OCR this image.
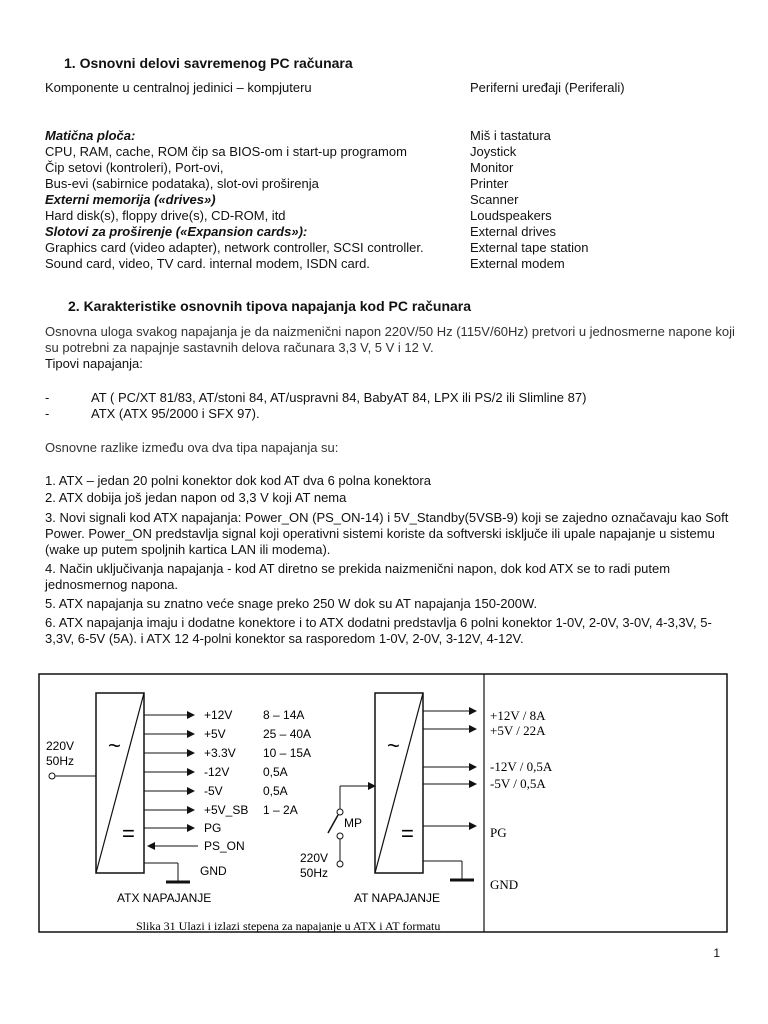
1. Osnovni delovi savremenog PC računara
Komponente u centralnoj jedinici – kompjuteru
Matična ploča:
CPU, RAM, cache, ROM čip sa BIOS-om i start-up programom
Čip setovi (kontroleri), Port-ovi,
Bus-evi (sabirnice podataka), slot-ovi proširenja
Externi memorija («drives»)
Hard disk(s), floppy drive(s), CD-ROM, itd
Slotovi za proširenje («Expansion cards»):
Graphics card (video adapter), network controller, SCSI controller.
Sound card, video, TV card. internal modem, ISDN card.
Periferni uređaji (Periferali)
Miš i tastatura
Joystick
Monitor
Printer
Scanner
Loudspeakers
External drives
External tape station
External modem
2. Karakteristike osnovnih tipova napajanja kod PC računara
Osnovna uloga svakog napajanja je da naizmenični napon 220V/50 Hz (115V/60Hz) pretvori u jednosmerne napone koji su potrebni za napajnje sastavnih delova računara 3,3 V, 5 V i 12 V.
Tipovi napajanja:
-	AT ( PC/XT 81/83, AT/stoni 84, AT/uspravni 84, BabyAT 84, LPX ili PS/2 ili Slimline 87)
-	ATX (ATX 95/2000 i SFX 97).
Osnovne razlike između ova dva tipa napajanja su:
1. ATX – jedan 20 polni konektor dok kod AT dva 6 polna konektora
2. ATX dobija još jedan napon od 3,3 V koji AT nema
3. Novi signali kod ATX napajanja: Power_ON (PS_ON-14) i 5V_Standby(5VSB-9) koji se zajedno označavaju kao Soft Power. Power_ON predstavlja signal koji operativni sistemi koriste da softverski isključe ili upale napajanje u sistemu (wake up putem spoljnih kartica LAN ili modema).
4. Način uključivanja napajanja - kod AT diretno se prekida naizmenični napon, dok kod ATX se to radi putem jednosmernog napona.
5. ATX napajanja su znatno veće snage preko 250 W dok su AT napajanja 150-200W.
6. ATX napajanja imaju i dodatne konektore i to ATX dodatni predstavlja 6 polni konektor 1-0V, 2-0V, 3-0V, 4-3,3V, 5-3,3V, 6-5V (5A). i ATX 12 4-polni konektor sa rasporedom 1-0V, 2-0V, 3-12V, 4-12V.
~
=
220V
50Hz
+12V	8 – 14A
+5V	25 – 40A
+3.3V 10 – 15A
-12V	0,5A
-5V	0,5A
+5V_SB 1 – 2A
PG
PS_ON
GND
ATX NAPAJANJE
~
=
MP
220V
50Hz
AT NAPAJANJE
+12V / 8A
+5V / 22A
-12V / 0,5A
-5V / 0,5A
PG
GND
Slika 31 Ulazi i izlazi stepena za napajanje u ATX i AT formatu
1
